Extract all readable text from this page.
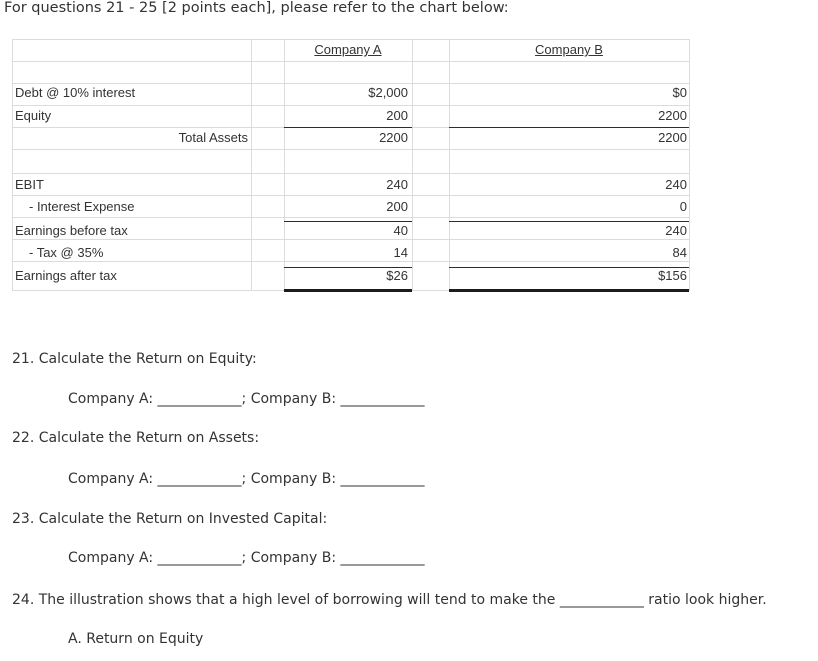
For questions 21 - 25 [2 points each], please refer to the chart below:
Company A	Company B
Debt @ 10% interest	$2,000	$0
Equity	200	2200
Total Assets	2200	2200
EBIT	240	240
- Interest Expense	200	0
Earnings before tax	40	240
- Tax @ 35%	14	84
Earnings after tax	$26	$156
21. Calculate the Return on Equity:
Company A: ____________; Company B: ____________
22. Calculate the Return on Assets:
Company A: ____________; Company B: ____________
23. Calculate the Return on Invested Capital:
Company A: ____________; Company B: ____________
24. The illustration shows that a high level of borrowing will tend to make the ____________ ratio look higher.
A. Return on Equity
